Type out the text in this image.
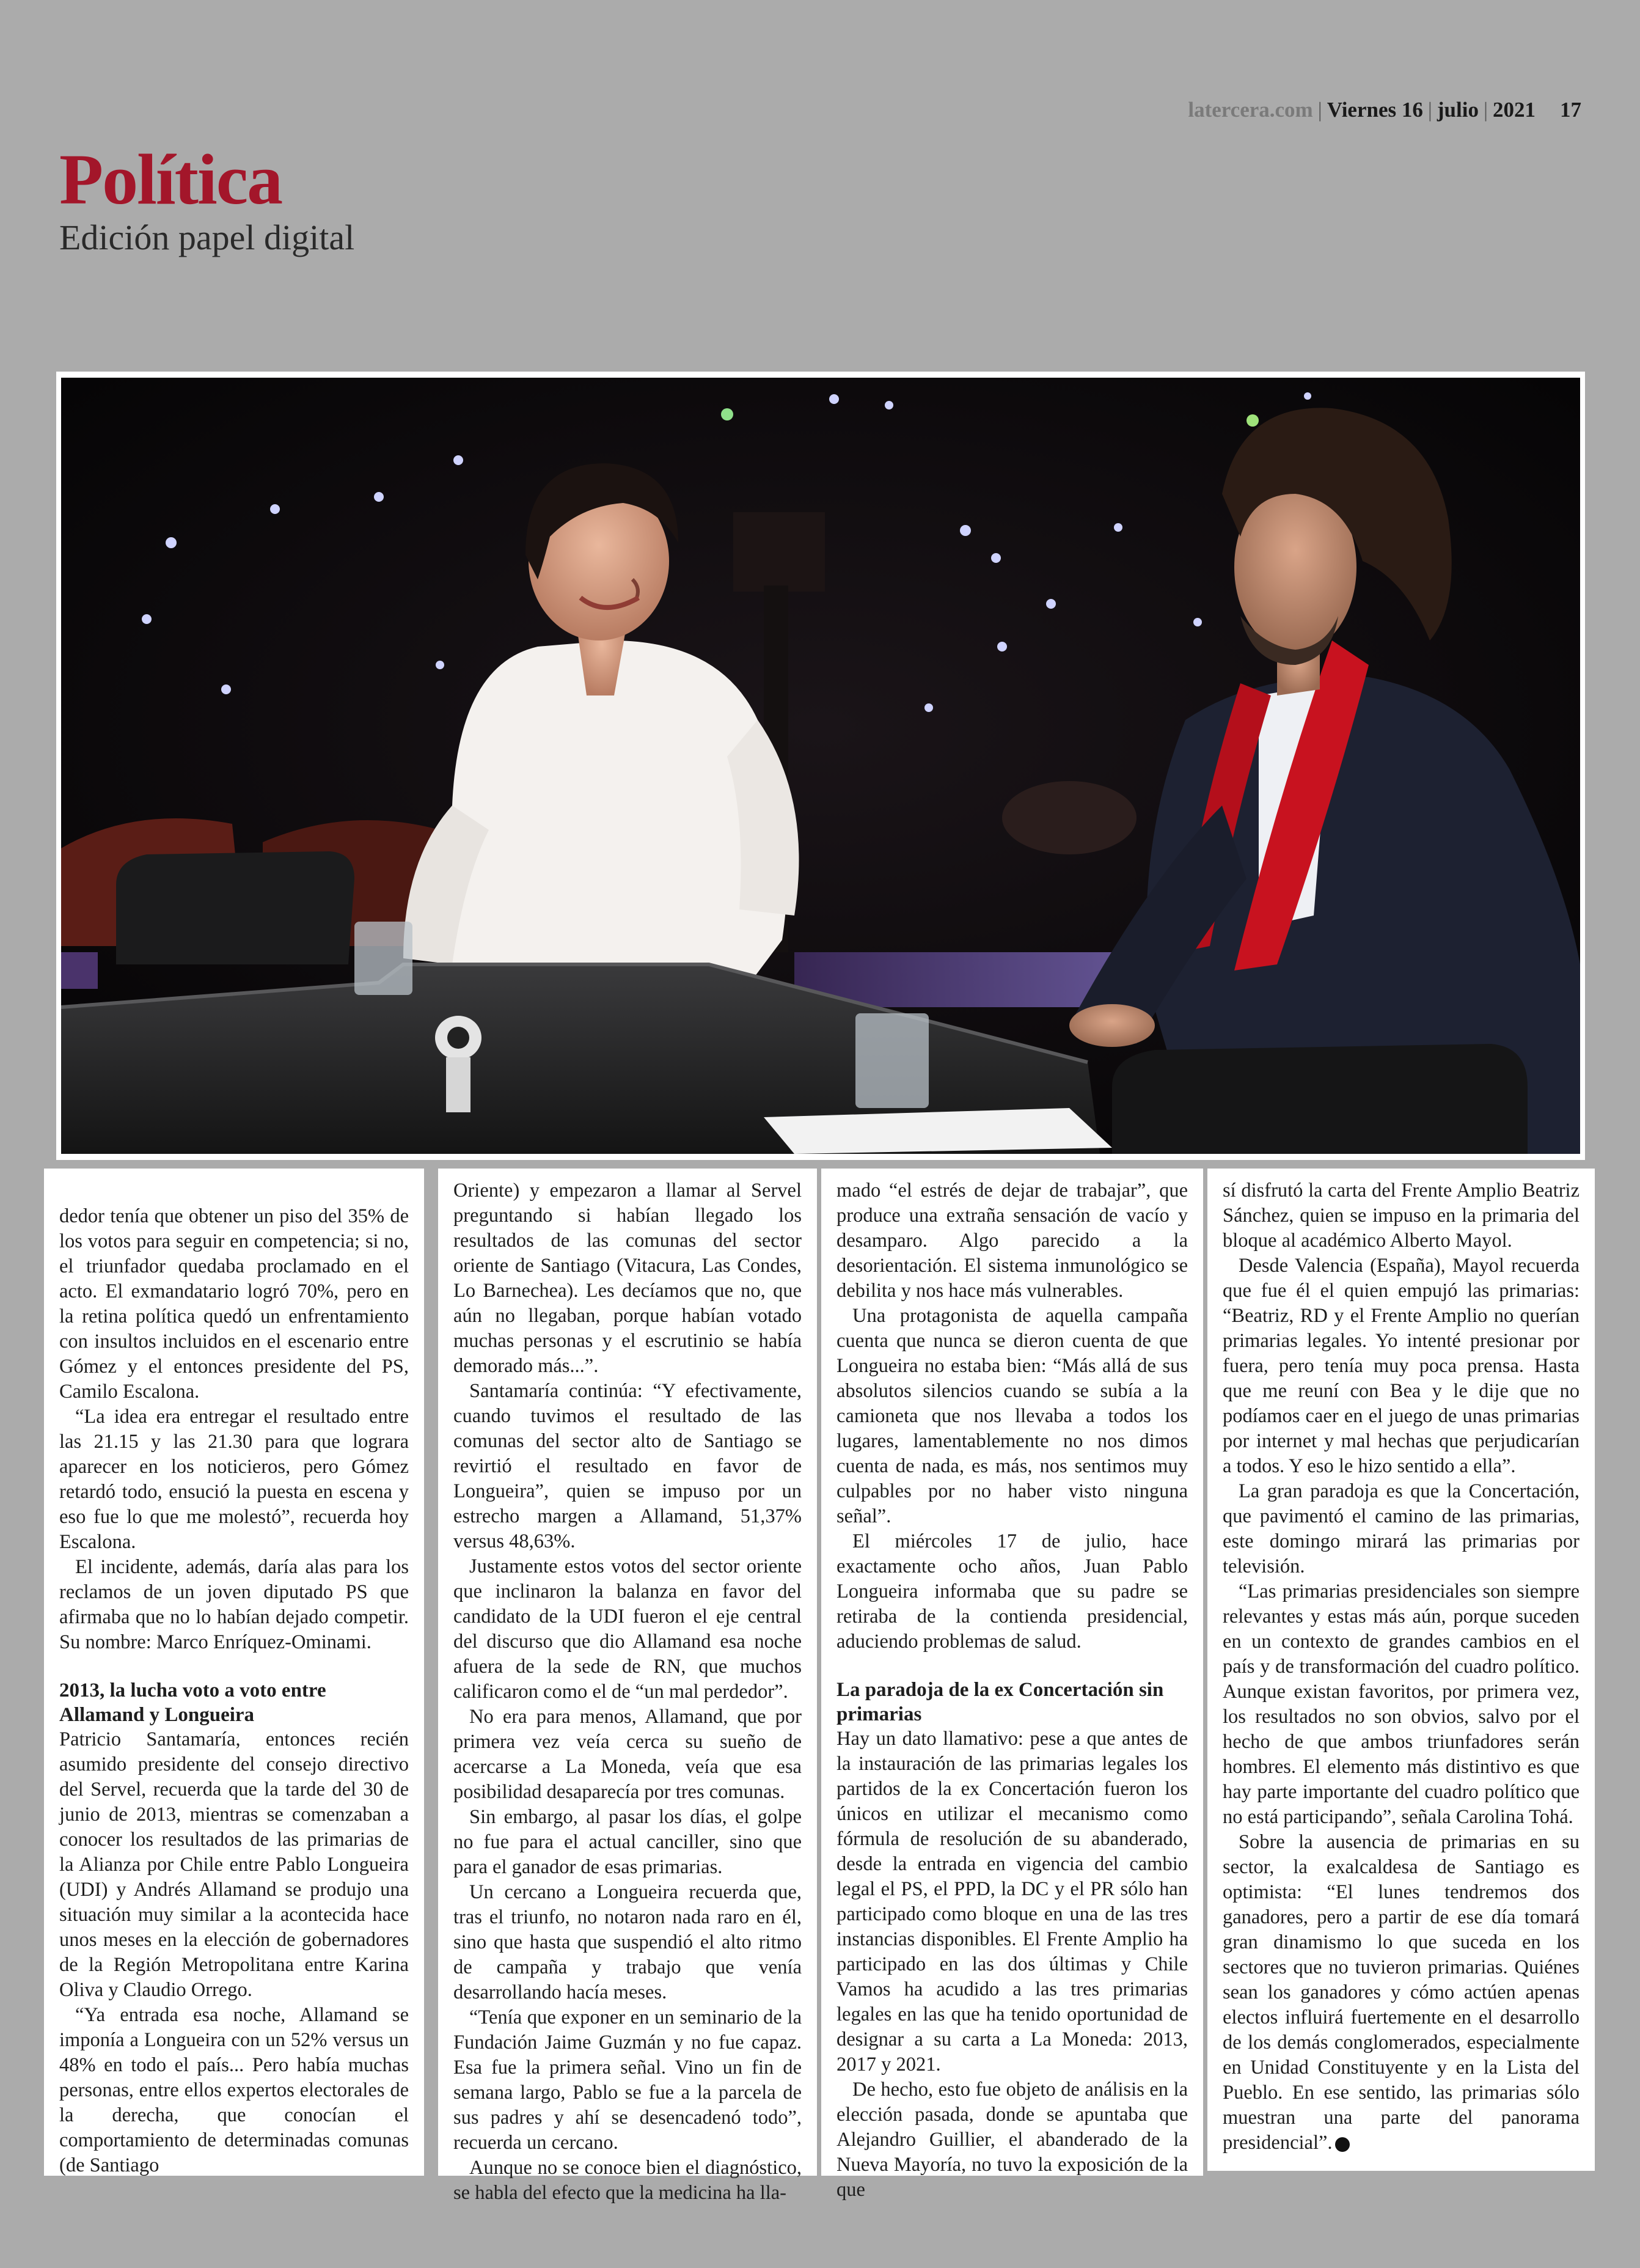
latercera.com | Viernes 16 | julio | 2021 17
Política
Edición papel digital

dedor tenía que obtener un piso del 35% de los votos para seguir en competencia; si no, el triunfador quedaba proclamado en el acto. El exmandatario logró 70%, pero en la retina política quedó un enfrentamiento con insultos incluidos en el escenario entre Gómez y el entonces presidente del PS, Camilo Escalona.

“La idea era entregar el resultado entre las 21.15 y las 21.30 para que lograra aparecer en los noticieros, pero Gómez retardó todo, ensució la puesta en escena y eso fue lo que me molestó”, recuerda hoy Escalona.

El incidente, además, daría alas para los reclamos de un joven diputado PS que afirmaba que no lo habían dejado competir. Su nombre: Marco Enríquez-Ominami.

2013, la lucha voto a voto entre Allamand y Longueira

Patricio Santamaría, entonces recién asumido presidente del consejo directivo del Servel, recuerda que la tarde del 30 de junio de 2013, mientras se comenzaban a conocer los resultados de las primarias de la Alianza por Chile entre Pablo Longueira (UDI) y Andrés Allamand se produjo una situación muy similar a la acontecida hace unos meses en la elección de gobernadores de la Región Metropolitana entre Karina Oliva y Claudio Orrego.

“Ya entrada esa noche, Allamand se imponía a Longueira con un 52% versus un 48% en todo el país... Pero había muchas personas, entre ellos expertos electorales de la derecha, que conocían el comportamiento de determinadas comunas (de Santiago

Oriente) y empezaron a llamar al Servel preguntando si habían llegado los resultados de las comunas del sector oriente de Santiago (Vitacura, Las Condes, Lo Barnechea). Les decíamos que no, que aún no llegaban, porque habían votado muchas personas y el escrutinio se había demorado más...”.

Santamaría continúa: “Y efectivamente, cuando tuvimos el resultado de las comunas del sector alto de Santiago se revirtió el resultado en favor de Longueira”, quien se impuso por un estrecho margen a Allamand, 51,37% versus 48,63%.

Justamente estos votos del sector oriente que inclinaron la balanza en favor del candidato de la UDI fueron el eje central del discurso que dio Allamand esa noche afuera de la sede de RN, que muchos calificaron como el de “un mal perdedor”.

No era para menos, Allamand, que por primera vez veía cerca su sueño de acercarse a La Moneda, veía que esa posibilidad desaparecía por tres comunas.

Sin embargo, al pasar los días, el golpe no fue para el actual canciller, sino que para el ganador de esas primarias.

Un cercano a Longueira recuerda que, tras el triunfo, no notaron nada raro en él, sino que hasta que suspendió el alto ritmo de campaña y trabajo que venía desarrollando hacía meses.

“Tenía que exponer en un seminario de la Fundación Jaime Guzmán y no fue capaz. Esa fue la primera señal. Vino un fin de semana largo, Pablo se fue a la parcela de sus padres y ahí se desencadenó todo”, recuerda un cercano.

Aunque no se conoce bien el diagnóstico, se habla del efecto que la medicina ha lla-

mado “el estrés de dejar de trabajar”, que produce una extraña sensación de vacío y desamparo. Algo parecido a la desorientación. El sistema inmunológico se debilita y nos hace más vulnerables.

Una protagonista de aquella campaña cuenta que nunca se dieron cuenta de que Longueira no estaba bien: “Más allá de sus absolutos silencios cuando se subía a la camioneta que nos llevaba a todos los lugares, lamentablemente no nos dimos cuenta de nada, es más, nos sentimos muy culpables por no haber visto ninguna señal”.

El miércoles 17 de julio, hace exactamente ocho años, Juan Pablo Longueira informaba que su padre se retiraba de la contienda presidencial, aduciendo problemas de salud.

La paradoja de la ex Concertación sin primarias

Hay un dato llamativo: pese a que antes de la instauración de las primarias legales los partidos de la ex Concertación fueron los únicos en utilizar el mecanismo como fórmula de resolución de su abanderado, desde la entrada en vigencia del cambio legal el PS, el PPD, la DC y el PR sólo han participado como bloque en una de las tres instancias disponibles. El Frente Amplio ha participado en las dos últimas y Chile Vamos ha acudido a las tres primarias legales en las que ha tenido oportunidad de designar a su carta a La Moneda: 2013, 2017 y 2021.

De hecho, esto fue objeto de análisis en la elección pasada, donde se apuntaba que Alejandro Guillier, el abanderado de la Nueva Mayoría, no tuvo la exposición de la que

sí disfrutó la carta del Frente Amplio Beatriz Sánchez, quien se impuso en la primaria del bloque al académico Alberto Mayol.

Desde Valencia (España), Mayol recuerda que fue él el quien empujó las primarias: “Beatriz, RD y el Frente Amplio no querían primarias legales. Yo intenté presionar por fuera, pero tenía muy poca prensa. Hasta que me reuní con Bea y le dije que no podíamos caer en el juego de unas primarias por internet y mal hechas que perjudicarían a todos. Y eso le hizo sentido a ella”.

La gran paradoja es que la Concertación, que pavimentó el camino de las primarias, este domingo mirará las primarias por televisión.

“Las primarias presidenciales son siempre relevantes y estas más aún, porque suceden en un contexto de grandes cambios en el país y de transformación del cuadro político. Aunque existan favoritos, por primera vez, los resultados no son obvios, salvo por el hecho de que ambos triunfadores serán hombres. El elemento más distintivo es que hay parte importante del cuadro político que no está participando”, señala Carolina Tohá.

Sobre la ausencia de primarias en su sector, la exalcaldesa de Santiago es optimista: “El lunes tendremos dos ganadores, pero a partir de ese día tomará gran dinamismo lo que suceda en los sectores que no tuvieron primarias. Quiénes sean los ganadores y cómo actúen apenas electos influirá fuertemente en el desarrollo de los demás conglomerados, especialmente en Unidad Constituyente y en la Lista del Pueblo. En ese sentido, las primarias sólo muestran una parte del panorama presidencial”.
